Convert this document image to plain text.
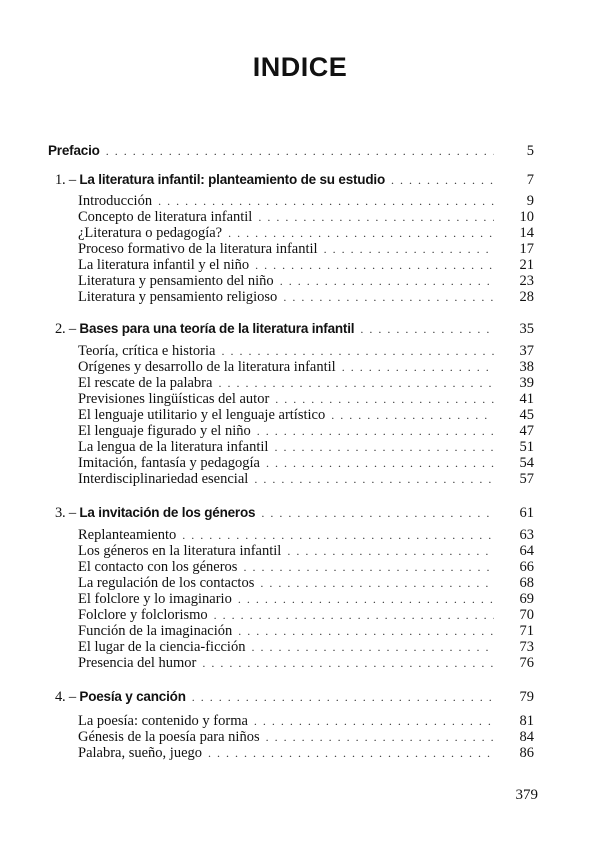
INDICE
Prefacio . . .	5
1. – La literatura infantil: planteamiento de su estudio . . .	7
Introducción . . .	9
Concepto de literatura infantil . . .	10
¿Literatura o pedagogía? . . .	14
Proceso formativo de la literatura infantil . . .	17
La literatura infantil y el niño . . .	21
Literatura y pensamiento del niño . . .	23
Literatura y pensamiento religioso . . .	28
2. – Bases para una teoría de la literatura infantil . . .	35
Teoría, crítica e historia . . .	37
Orígenes y desarrollo de la literatura infantil . . .	38
El rescate de la palabra . . .	39
Previsiones lingüísticas del autor . . .	41
El lenguaje utilitario y el lenguaje artístico . . .	45
El lenguaje figurado y el niño . . .	47
La lengua de la literatura infantil . . .	51
Imitación, fantasía y pedagogía . . .	54
Interdisciplinariedad esencial . . .	57
3. – La invitación de los géneros . . .	61
Replanteamiento . . .	63
Los géneros en la literatura infantil . . .	64
El contacto con los géneros . . .	66
La regulación de los contactos . . .	68
El folclore y lo imaginario . . .	69
Folclore y folclorismo . . .	70
Función de la imaginación . . .	71
El lugar de la ciencia-ficción . . .	73
Presencia del humor . . .	76
4. – Poesía y canción . . .	79
La poesía: contenido y forma . . .	81
Génesis de la poesía para niños . . .	84
Palabra, sueño, juego . . .	86
379
